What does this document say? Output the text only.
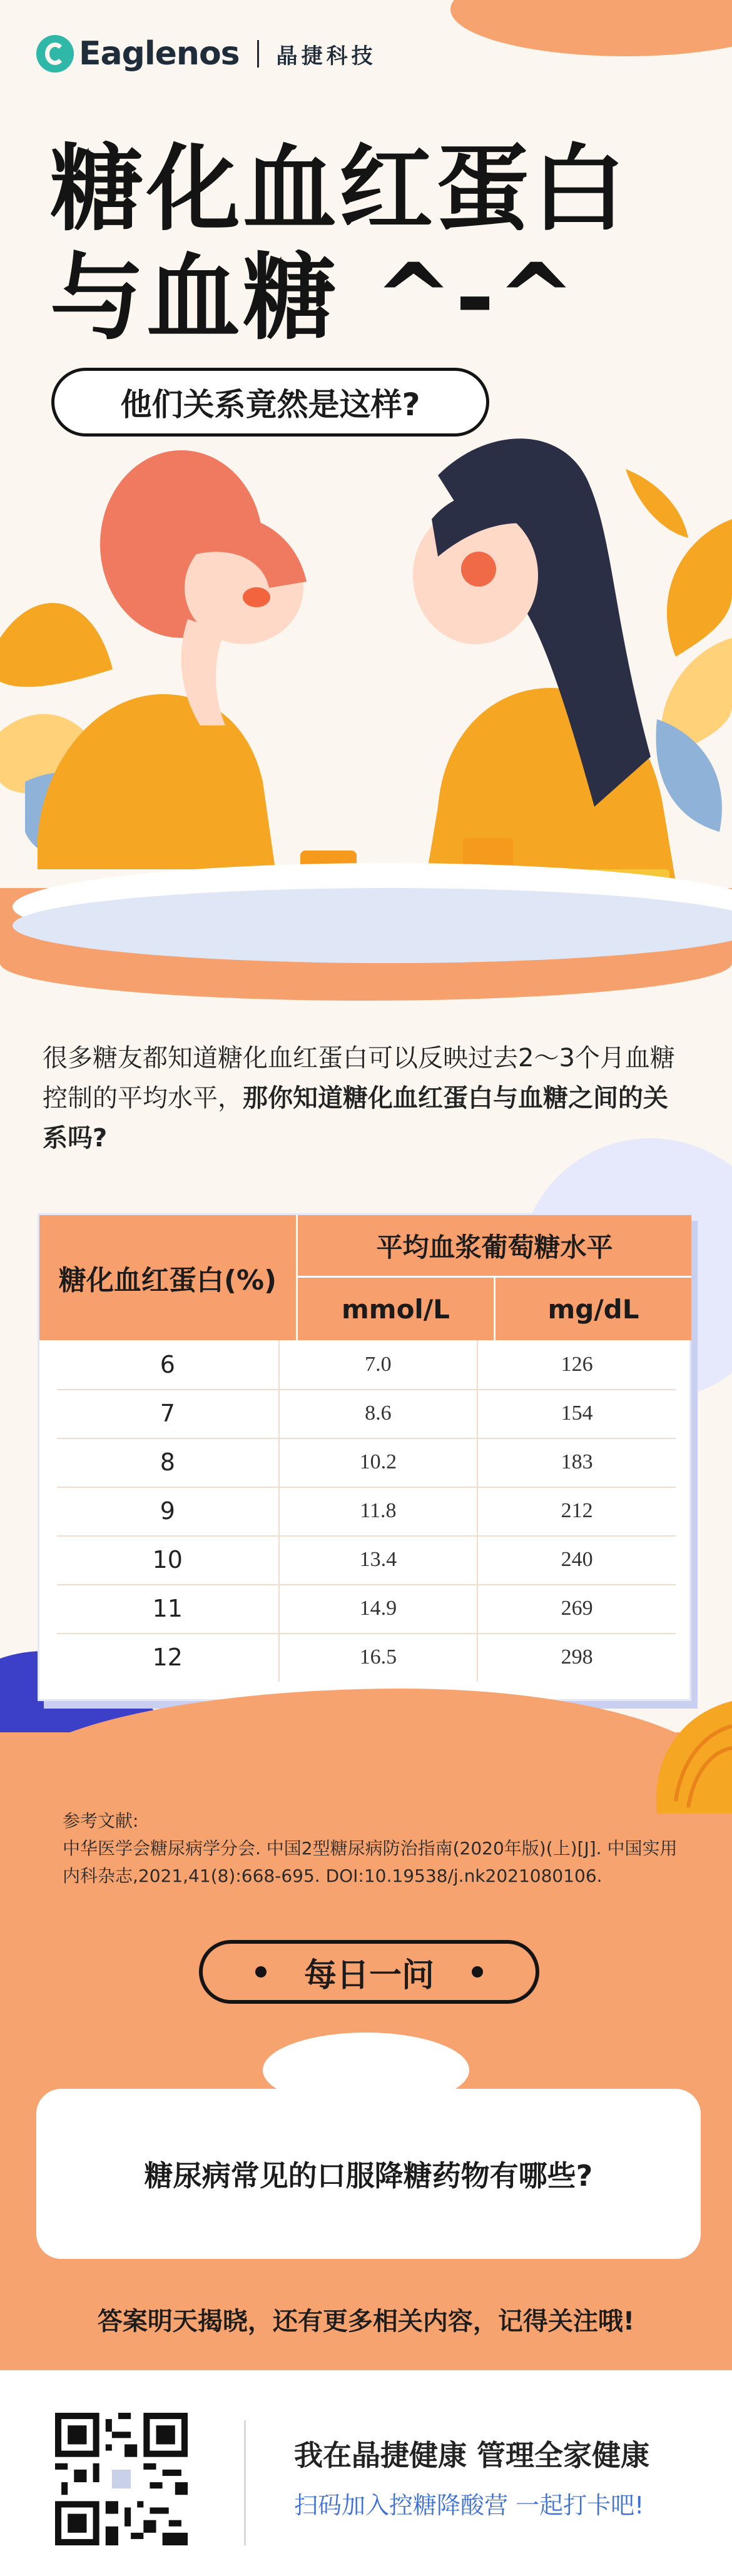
Eaglenos 晶捷科技
糖化血红蛋白
与血糖 ^-^
他们关系竟然是这样?
很多糖友都知道糖化血红蛋白可以反映过去2～3个月血糖控制的平均水平，那你知道糖化血红蛋白与血糖之间的关系吗?
糖化血红蛋白(%)
平均血浆葡萄糖水平
mmol/L	mg/dL
6	7.0	126
7	8.6	154
8	10.2	183
9	11.8	212
10	13.4	240
11	14.9	269
12	16.5	298
参考文献:
中华医学会糖尿病学分会. 中国2型糖尿病防治指南(2020年版)(上)[J]. 中国实用内科杂志,2021,41(8):668-695. DOI:10.19538/j.nk2021080106.
每日一问
糖尿病常见的口服降糖药物有哪些?
答案明天揭晓，还有更多相关内容，记得关注哦!
我在晶捷健康 管理全家健康
扫码加入控糖降酸营 一起打卡吧!
